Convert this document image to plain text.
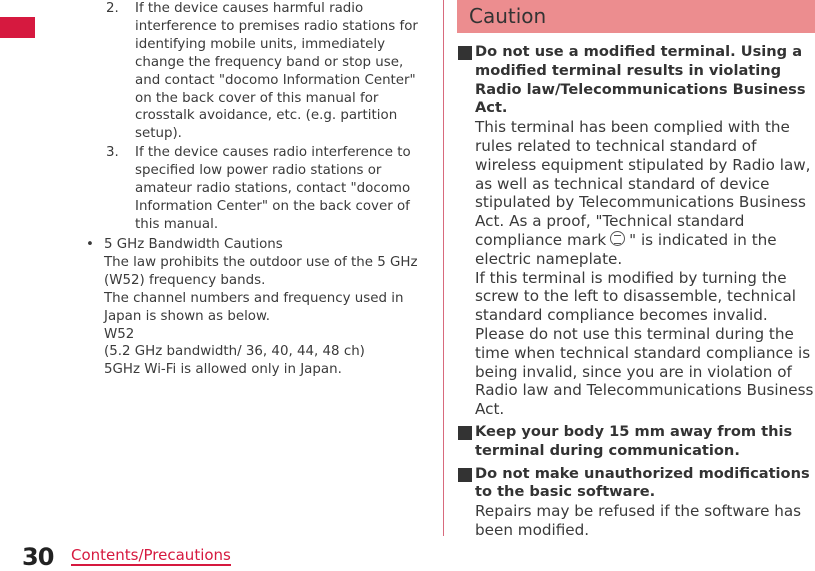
2. If the device causes harmful radio interference to premises radio stations for identifying mobile units, immediately change the frequency band or stop use, and contact "docomo Information Center" on the back cover of this manual for crosstalk avoidance, etc. (e.g. partition setup).
3. If the device causes radio interference to specified low power radio stations or amateur radio stations, contact "docomo Information Center" on the back cover of this manual.
• 5 GHz Bandwidth Cautions
The law prohibits the outdoor use of the 5 GHz (W52) frequency bands.
The channel numbers and frequency used in Japan is shown as below.
W52
(5.2 GHz bandwidth/ 36, 40, 44, 48 ch)
5GHz Wi-Fi is allowed only in Japan.
Caution
Do not use a modified terminal. Using a modified terminal results in violating Radio law/Telecommunications Business Act.
This terminal has been complied with the rules related to technical standard of wireless equipment stipulated by Radio law, as well as technical standard of device stipulated by Telecommunications Business Act. As a proof, "Technical standard compliance mark " is indicated in the electric nameplate.
If this terminal is modified by turning the screw to the left to disassemble, technical standard compliance becomes invalid. Please do not use this terminal during the time when technical standard compliance is being invalid, since you are in violation of Radio law and Telecommunications Business Act.
Keep your body 15 mm away from this terminal during communication.
Do not make unauthorized modifications to the basic software.
Repairs may be refused if the software has been modified.
30 Contents/Precautions
